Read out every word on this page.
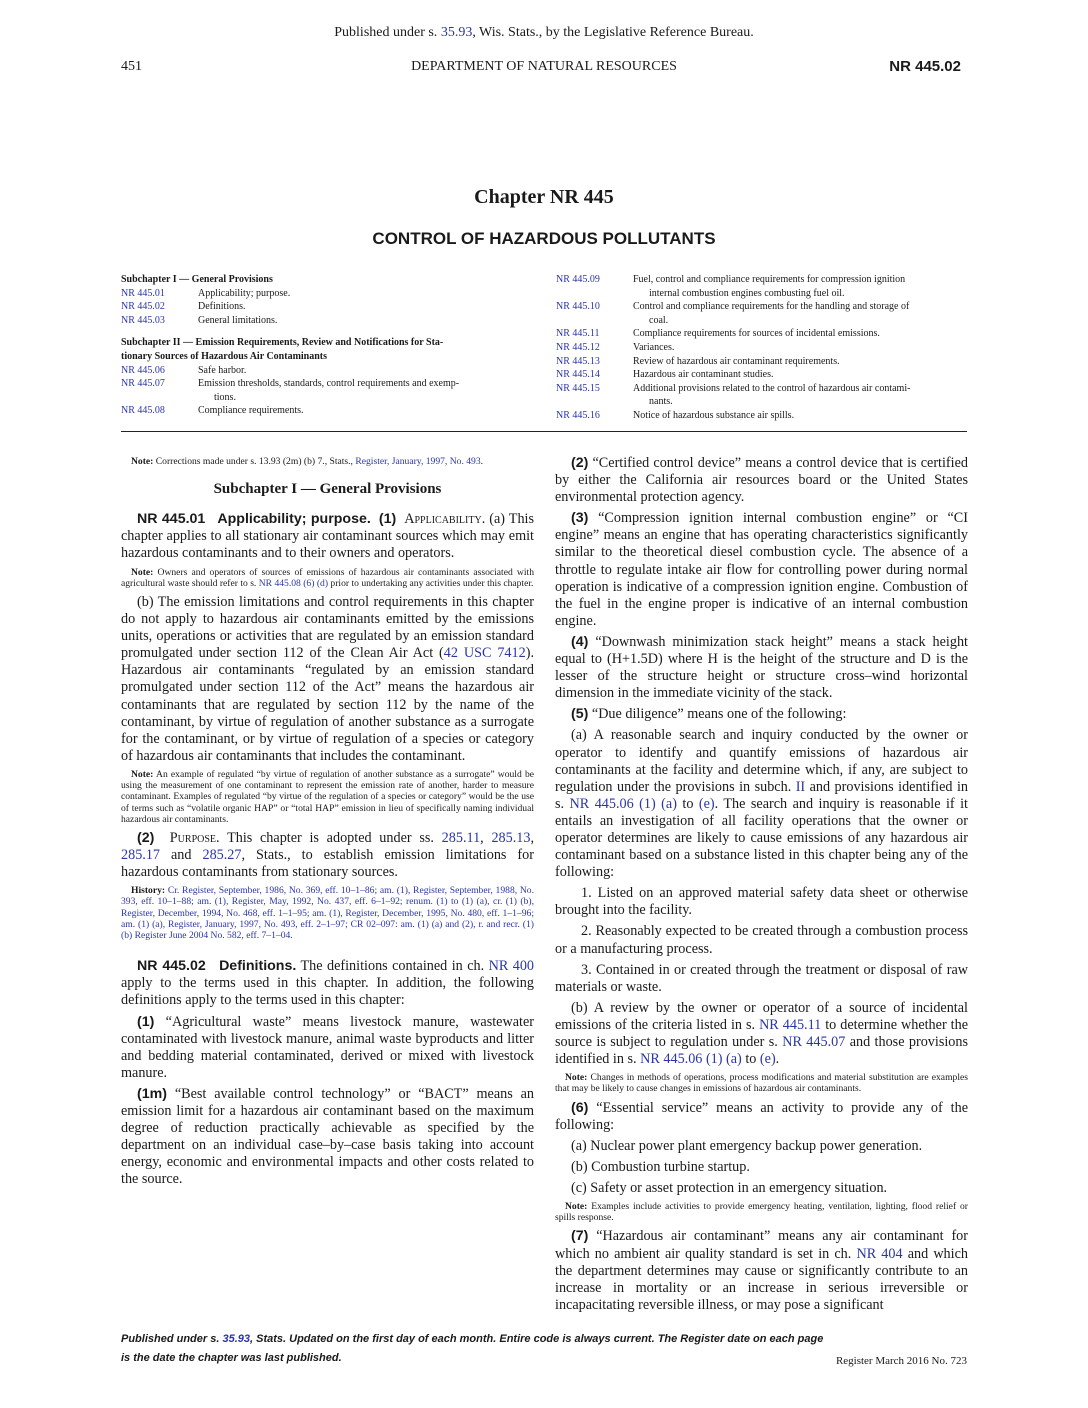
Published under s. 35.93, Wis. Stats., by the Legislative Reference Bureau.
451	DEPARTMENT OF NATURAL RESOURCES	NR 445.02
Chapter NR 445
CONTROL OF HAZARDOUS POLLUTANTS
Subchapter I — General Provisions
NR 445.01	Applicability; purpose.
NR 445.02	Definitions.
NR 445.03	General limitations.
Subchapter II — Emission Requirements, Review and Notifications for Sta-
tionary Sources of Hazardous Air Contaminants
NR 445.06	Safe harbor.
NR 445.07	Emission thresholds, standards, control requirements and exemp-
tions.
NR 445.08	Compliance requirements.
NR 445.09	Fuel, control and compliance requirements for compression ignition
internal combustion engines combusting fuel oil.
NR 445.10	Control and compliance requirements for the handling and storage of
coal.
NR 445.11	Compliance requirements for sources of incidental emissions.
NR 445.12	Variances.
NR 445.13	Review of hazardous air contaminant requirements.
NR 445.14	Hazardous air contaminant studies.
NR 445.15	Additional provisions related to the control of hazardous air contami-
nants.
NR 445.16	Notice of hazardous substance air spills.

Note: Corrections made under s. 13.93 (2m) (b) 7., Stats., Register, January, 1997, No. 493.

Subchapter I — General Provisions

NR 445.01 Applicability; purpose. (1) Applicability. (a) This chapter applies to all stationary air contaminant sources which may emit hazardous contaminants and to their owners and operators.

Note: Owners and operators of sources of emissions of hazardous air contaminants associated with agricultural waste should refer to s. NR 445.08 (6) (d) prior to undertaking any activities under this chapter.

(b) The emission limitations and control requirements in this chapter do not apply to hazardous air contaminants emitted by the emissions units, operations or activities that are regulated by an emission standard promulgated under section 112 of the Clean Air Act (42 USC 7412). Hazardous air contaminants “regulated by an emission standard promulgated under section 112 of the Act” means the hazardous air contaminants that are regulated by section 112 by the name of the contaminant, by virtue of regulation of another substance as a surrogate for the contaminant, or by virtue of regulation of a species or category of hazardous air contaminants that includes the contaminant.

Note: An example of regulated “by virtue of regulation of another substance as a surrogate” would be using the measurement of one contaminant to represent the emission rate of another, harder to measure contaminant. Examples of regulated “by virtue of the regulation of a species or category” would be the use of terms such as “volatile organic HAP” or “total HAP” emission in lieu of specifically naming individual hazardous air contaminants.

(2) Purpose. This chapter is adopted under ss. 285.11, 285.13, 285.17 and 285.27, Stats., to establish emission limitations for hazardous contaminants from stationary sources.

History: Cr. Register, September, 1986, No. 369, eff. 10–1–86; am. (1), Register, September, 1988, No. 393, eff. 10–1–88; am. (1), Register, May, 1992, No. 437, eff. 6–1–92; renum. (1) to (1) (a), cr. (1) (b), Register, December, 1994, No. 468, eff. 1–1–95; am. (1), Register, December, 1995, No. 480, eff. 1–1–96; am. (1) (a), Register, January, 1997, No. 493, eff. 2–1–97; CR 02–097: am. (1) (a) and (2), r. and recr. (1) (b) Register June 2004 No. 582, eff. 7–1–04.

NR 445.02 Definitions. The definitions contained in ch. NR 400 apply to the terms used in this chapter. In addition, the following definitions apply to the terms used in this chapter:

(1) “Agricultural waste” means livestock manure, wastewater contaminated with livestock manure, animal waste byproducts and litter and bedding material contaminated, derived or mixed with livestock manure.

(1m) “Best available control technology” or “BACT” means an emission limit for a hazardous air contaminant based on the maximum degree of reduction practically achievable as specified by the department on an individual case–by–case basis taking into account energy, economic and environmental impacts and other costs related to the source.

(2) “Certified control device” means a control device that is certified by either the California air resources board or the United States environmental protection agency.

(3) “Compression ignition internal combustion engine” or “CI engine” means an engine that has operating characteristics significantly similar to the theoretical diesel combustion cycle. The absence of a throttle to regulate intake air flow for controlling power during normal operation is indicative of a compression ignition engine. Combustion of the fuel in the engine proper is indicative of an internal combustion engine.

(4) “Downwash minimization stack height” means a stack height equal to (H+1.5D) where H is the height of the structure and D is the lesser of the structure height or structure cross–wind horizontal dimension in the immediate vicinity of the stack.

(5) “Due diligence” means one of the following:

(a) A reasonable search and inquiry conducted by the owner or operator to identify and quantify emissions of hazardous air contaminants at the facility and determine which, if any, are subject to regulation under the provisions in subch. II and provisions identified in s. NR 445.06 (1) (a) to (e). The search and inquiry is reasonable if it entails an investigation of all facility operations that the owner or operator determines are likely to cause emissions of any hazardous air contaminant based on a substance listed in this chapter being any of the following:

1. Listed on an approved material safety data sheet or otherwise brought into the facility.

2. Reasonably expected to be created through a combustion process or a manufacturing process.

3. Contained in or created through the treatment or disposal of raw materials or waste.

(b) A review by the owner or operator of a source of incidental emissions of the criteria listed in s. NR 445.11 to determine whether the source is subject to regulation under s. NR 445.07 and those provisions identified in s. NR 445.06 (1) (a) to (e).

Note: Changes in methods of operations, process modifications and material substitution are examples that may be likely to cause changes in emissions of hazardous air contaminants.

(6) “Essential service” means an activity to provide any of the following:

(a) Nuclear power plant emergency backup power generation.

(b) Combustion turbine startup.

(c) Safety or asset protection in an emergency situation.

Note: Examples include activities to provide emergency heating, ventilation, lighting, flood relief or spills response.

(7) “Hazardous air contaminant” means any air contaminant for which no ambient air quality standard is set in ch. NR 404 and which the department determines may cause or significantly contribute to an increase in mortality or an increase in serious irreversible or incapacitating reversible illness, or may pose a significant

Published under s. 35.93, Stats. Updated on the first day of each month. Entire code is always current. The Register date on each page
is the date the chapter was last published.	Register March 2016 No. 723
